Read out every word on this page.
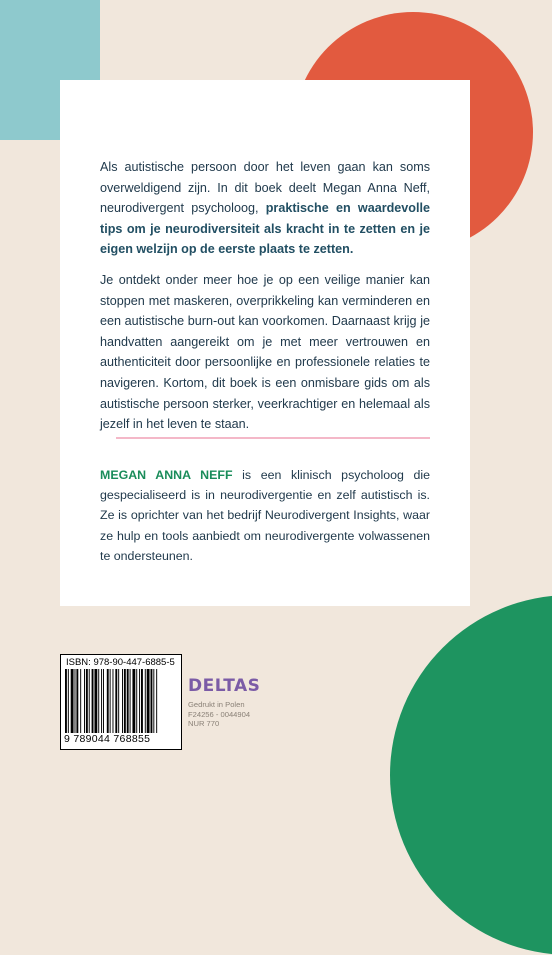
Als autistische persoon door het leven gaan kan soms overweldigend zijn. In dit boek deelt Megan Anna Neff, neurodivergent psycholoog, praktische en waardevolle tips om je neurodiversiteit als kracht in te zetten en je eigen welzijn op de eerste plaats te zetten.
Je ontdekt onder meer hoe je op een veilige manier kan stoppen met maskeren, overprikkeling kan verminderen en een autistische burn-out kan voorkomen. Daarnaast krijg je handvatten aangereikt om je met meer vertrouwen en authenticiteit door persoonlijke en professionele relaties te navigeren. Kortom, dit boek is een onmisbare gids om als autistische persoon sterker, veerkrachtiger en helemaal als jezelf in het leven te staan.
MEGAN ANNA NEFF is een klinisch psycholoog die gespecialiseerd is in neurodivergentie en zelf autistisch is. Ze is oprichter van het bedrijf Neurodivergent Insights, waar ze hulp en tools aanbiedt om neurodivergente volwassenen te ondersteunen.
ISBN: 978-90-447-6885-5
9 789044 768855
DELTAS
Gedrukt in Polen
F24256 - 0044904
NUR 770
